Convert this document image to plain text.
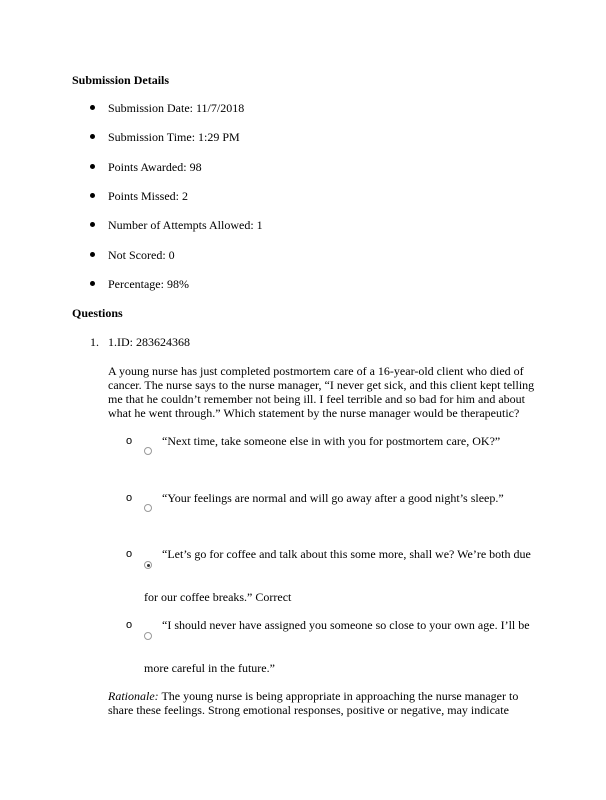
Submission Details
Submission Date: 11/7/2018
Submission Time: 1:29 PM
Points Awarded: 98
Points Missed: 2
Number of Attempts Allowed: 1
Not Scored: 0
Percentage: 98%
Questions
1. 1.ID: 283624368
A young nurse has just completed postmortem care of a 16-year-old client who died of
cancer. The nurse says to the nurse manager, “I never get sick, and this client kept telling
me that he couldn’t remember not being ill. I feel terrible and so bad for him and about
what he went through.” Which statement by the nurse manager would be therapeutic?
o “Next time, take someone else in with you for postmortem care, OK?”
o “Your feelings are normal and will go away after a good night’s sleep.”
o “Let’s go for coffee and talk about this some more, shall we? We’re both due
for our coffee breaks.” Correct
o “I should never have assigned you someone so close to your own age. I’ll be
more careful in the future.”
Rationale: The young nurse is being appropriate in approaching the nurse manager to
share these feelings. Strong emotional responses, positive or negative, may indicate
